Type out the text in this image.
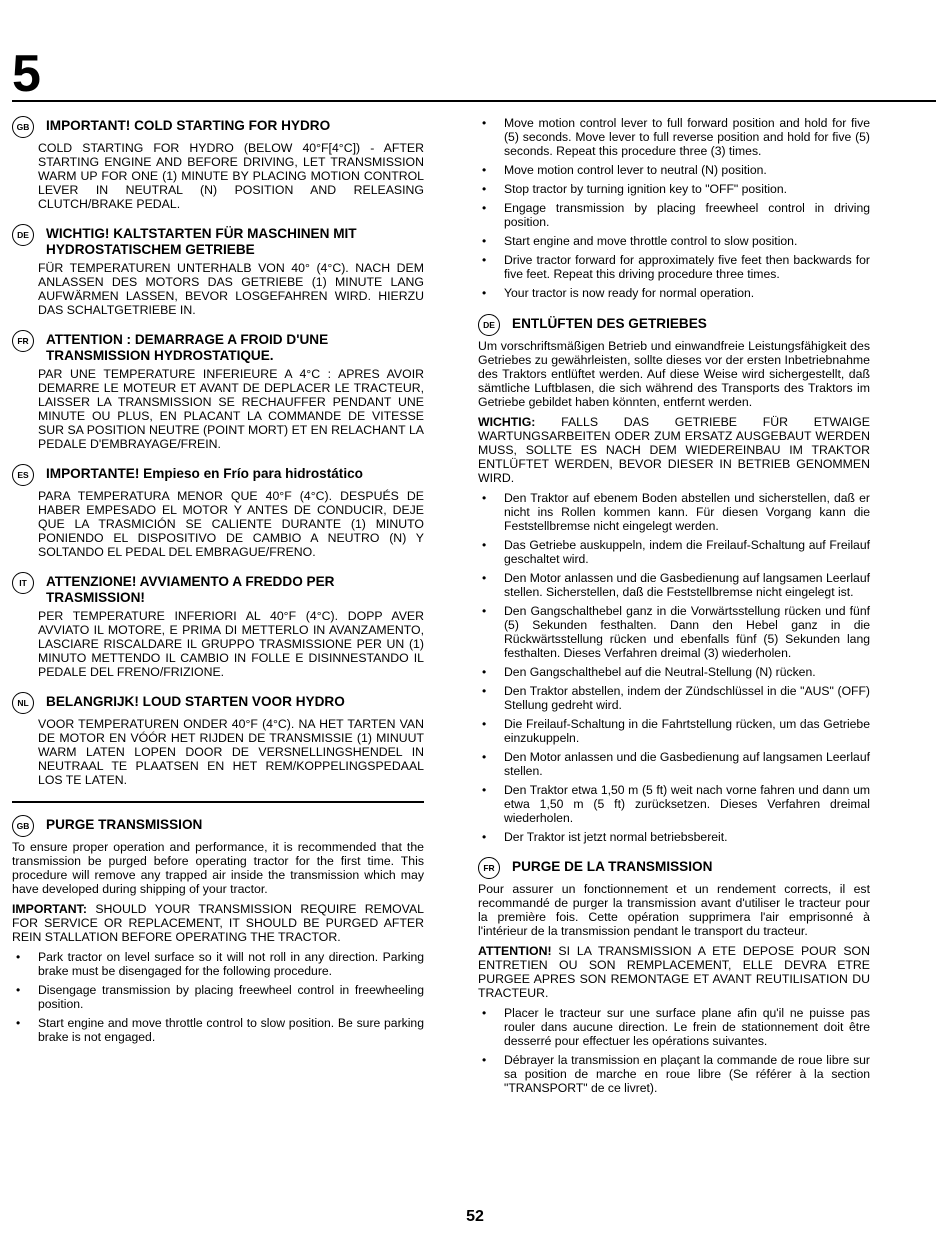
5
GB	IMPORTANT! COLD STARTING FOR HYDRO
COLD STARTING FOR HYDRO (BELOW 40°F[4°C]) - AFTER STARTING ENGINE AND BEFORE DRIVING, LET TRANSMISSION WARM UP FOR ONE (1) MINUTE BY PLACING MOTION CONTROL LEVER IN NEUTRAL (N) POSITION AND RELEASING CLUTCH/BRAKE PEDAL.
DE	WICHTIG! KALTSTARTEN FÜR MASCHINEN MIT HYDROSTATISCHEM GETRIEBE
FÜR TEMPERATUREN UNTERHALB VON 40° (4°C). NACH DEM ANLASSEN DES MOTORS DAS GETRIEBE (1) MINUTE LANG AUFWÄRMEN LASSEN, BEVOR LOSGEFAHREN WIRD. HIERZU DAS SCHALTGETRIEBE IN.
FR	ATTENTION : DEMARRAGE A FROID D'UNE TRANSMISSION HYDROSTATIQUE.
PAR UNE TEMPERATURE INFERIEURE A 4°C : APRES AVOIR DEMARRE LE MOTEUR ET AVANT DE DEPLACER LE TRACTEUR, LAISSER LA TRANSMISSION SE RECHAUFFER PENDANT UNE MINUTE OU PLUS, EN PLACANT LA COMMANDE DE VITESSE SUR SA POSITION NEUTRE (POINT MORT) ET EN RELACHANT LA PEDALE D'EMBRAYAGE/FREIN.
ES	IMPORTANTE! Empieso en Frío para hidrostático
PARA TEMPERATURA MENOR QUE 40°F (4°C). DESPUÉS DE HABER EMPESADO EL MOTOR Y ANTES DE CONDUCIR, DEJE QUE LA TRASMICIÓN SE CALIENTE DURANTE (1) MINUTO PONIENDO EL DISPOSITIVO DE CAMBIO A NEUTRO (N) Y SOLTANDO EL PEDAL DEL EMBRAGUE/FRENO.
IT	ATTENZIONE! AVVIAMENTO A FREDDO PER TRASMISSION!
PER TEMPERATURE INFERIORI AL 40°F (4°C). DOPP AVER AVVIATO IL MOTORE, E PRIMA DI METTERLO IN AVANZAMENTO, LASCIARE RISCALDARE IL GRUPPO TRASMISSIONE PER UN (1) MINUTO METTENDO IL CAMBIO IN FOLLE E DISINNESTANDO IL PEDALE DEL FRENO/FRIZIONE.
NL	BELANGRIJK! LOUD STARTEN VOOR HYDRO
VOOR TEMPERATUREN ONDER 40°F (4°C). NA HET TARTEN VAN DE MOTOR EN VÓÓR HET RIJDEN DE TRANSMISSIE (1) MINUUT WARM LATEN LOPEN DOOR DE VERSNELLINGSHENDEL IN NEUTRAAL TE PLAATSEN EN HET REM/KOPPELINGSPEDAAL LOS TE LATEN.
GB	PURGE TRANSMISSION
To ensure proper operation and performance, it is recommended that the transmission be purged before operating tractor for the first time. This procedure will remove any trapped air inside the transmission which may have developed during shipping of your tractor.
IMPORTANT: SHOULD YOUR TRANSMISSION REQUIRE REMOVAL FOR SERVICE OR REPLACEMENT, IT SHOULD BE PURGED AFTER REIN STALLATION BEFORE OPERATING THE TRACTOR.
• Park tractor on level surface so it will not roll in any direction. Parking brake must be disengaged for the following procedure.
• Disengage transmission by placing freewheel control in freewheeling position.
• Start engine and move throttle control to slow position. Be sure parking brake is not engaged.
• Move motion control lever to full forward position and hold for five (5) seconds. Move lever to full reverse position and hold for five (5) seconds. Repeat this procedure three (3) times.
• Move motion control lever to neutral (N) position.
• Stop tractor by turning ignition key to "OFF" position.
• Engage transmission by placing freewheel control in driving position.
• Start engine and move throttle control to slow position.
• Drive tractor forward for approximately five feet then backwards for five feet. Repeat this driving procedure three times.
• Your tractor is now ready for normal operation.
DE	ENTLÜFTEN DES GETRIEBES
Um vorschriftsmäßigen Betrieb und einwandfreie Leistungsfähigkeit des Getriebes zu gewährleisten, sollte dieses vor der ersten Inbetriebnahme des Traktors entlüftet werden. Auf diese Weise wird sichergestellt, daß sämtliche Luftblasen, die sich während des Transports des Traktors im Getriebe gebildet haben könnten, entfernt werden.
WICHTIG: FALLS DAS GETRIEBE FÜR ETWAIGE WARTUNGSARBEITEN ODER ZUM ERSATZ AUSGEBAUT WERDEN MUSS, SOLLTE ES NACH DEM WIEDEREINBAU IM TRAKTOR ENTLÜFTET WERDEN, BEVOR DIESER IN BETRIEB GENOMMEN WIRD.
• Den Traktor auf ebenem Boden abstellen und sicherstellen, daß er nicht ins Rollen kommen kann. Für diesen Vorgang kann die Feststellbremse nicht eingelegt werden.
• Das Getriebe auskuppeln, indem die Freilauf-Schaltung auf Freilauf geschaltet wird.
• Den Motor anlassen und die Gasbedienung auf langsamen Leerlauf stellen. Sicherstellen, daß die Feststellbremse nicht eingelegt ist.
• Den Gangschalthebel ganz in die Vorwärtsstellung rücken und fünf (5) Sekunden festhalten. Dann den Hebel ganz in die Rückwärtsstellung rücken und ebenfalls fünf (5) Sekunden lang festhalten. Dieses Verfahren dreimal (3) wiederholen.
• Den Gangschalthebel auf die Neutral-Stellung (N) rücken.
• Den Traktor abstellen, indem der Zündschlüssel in die "AUS" (OFF) Stellung gedreht wird.
• Die Freilauf-Schaltung in die Fahrtstellung rücken, um das Getriebe einzukuppeln.
• Den Motor anlassen und die Gasbedienung auf langsamen Leerlauf stellen.
• Den Traktor etwa 1,50 m (5 ft) weit nach vorne fahren und dann um etwa 1,50 m (5 ft) zurücksetzen. Dieses Verfahren dreimal wiederholen.
• Der Traktor ist jetzt normal betriebsbereit.
FR	PURGE DE LA TRANSMISSION
Pour assurer un fonctionnement et un rendement corrects, il est recommandé de purger la transmission avant d'utiliser le tracteur pour la première fois. Cette opération supprimera l'air emprisonné à l'intérieur de la transmission pendant le transport du tracteur.
ATTENTION! SI LA TRANSMISSION A ETE DEPOSE POUR SON ENTRETIEN OU SON REMPLACEMENT, ELLE DEVRA ETRE PURGEE APRES SON REMONTAGE ET AVANT REUTILISATION DU TRACTEUR.
• Placer le tracteur sur une surface plane afin qu'il ne puisse pas rouler dans aucune direction. Le frein de stationnement doit être desserré pour effectuer les opérations suivantes.
• Débrayer la transmission en plaçant la commande de roue libre sur sa position de marche en roue libre (Se référer à la section "TRANSPORT" de ce livret).
52
